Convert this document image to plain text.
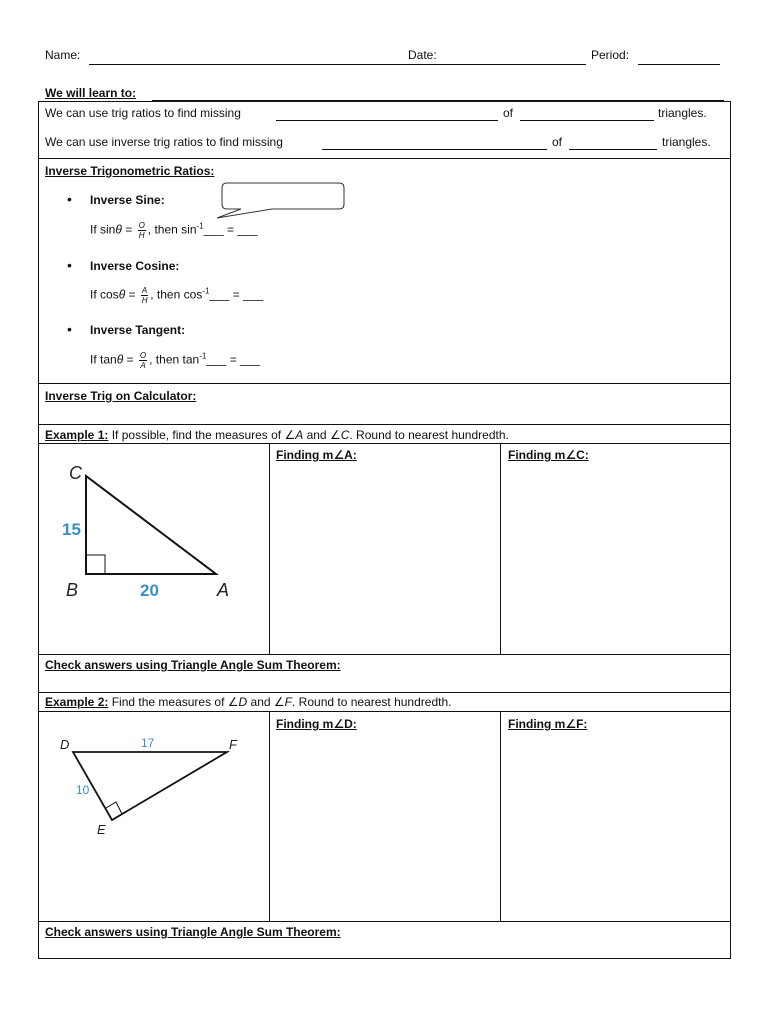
Name:	Date:	Period:
We will learn to:
We can use trig ratios to find missing	of	triangles.
We can use inverse trig ratios to find missing	of	triangles.
Inverse Trigonometric Ratios:
• Inverse Sine:
If $\sin\theta = \frac{O}{H}$ , then $\sin^{-1}\_\_\_$ = ___
• Inverse Cosine:
If $\cos\theta = \frac{A}{H}$ , then $\cos^{-1}\_\_\_$ = ___
• Inverse Tangent:
If $\tan\theta = \frac{O}{A}$ , then $\tan^{-1}\_\_\_$ = ___
Inverse Trig on Calculator:
Example 1: If possible, find the measures of ∠A and ∠C. Round to nearest hundredth.
Finding m∠A:	Finding m∠C:
C
B	A
15
20
Check answers using Triangle Angle Sum Theorem:
Example 2: Find the measures of ∠D and ∠F. Round to nearest hundredth.
Finding m∠D:	Finding m∠F:
D	F
E
17
10
Check answers using Triangle Angle Sum Theorem:
